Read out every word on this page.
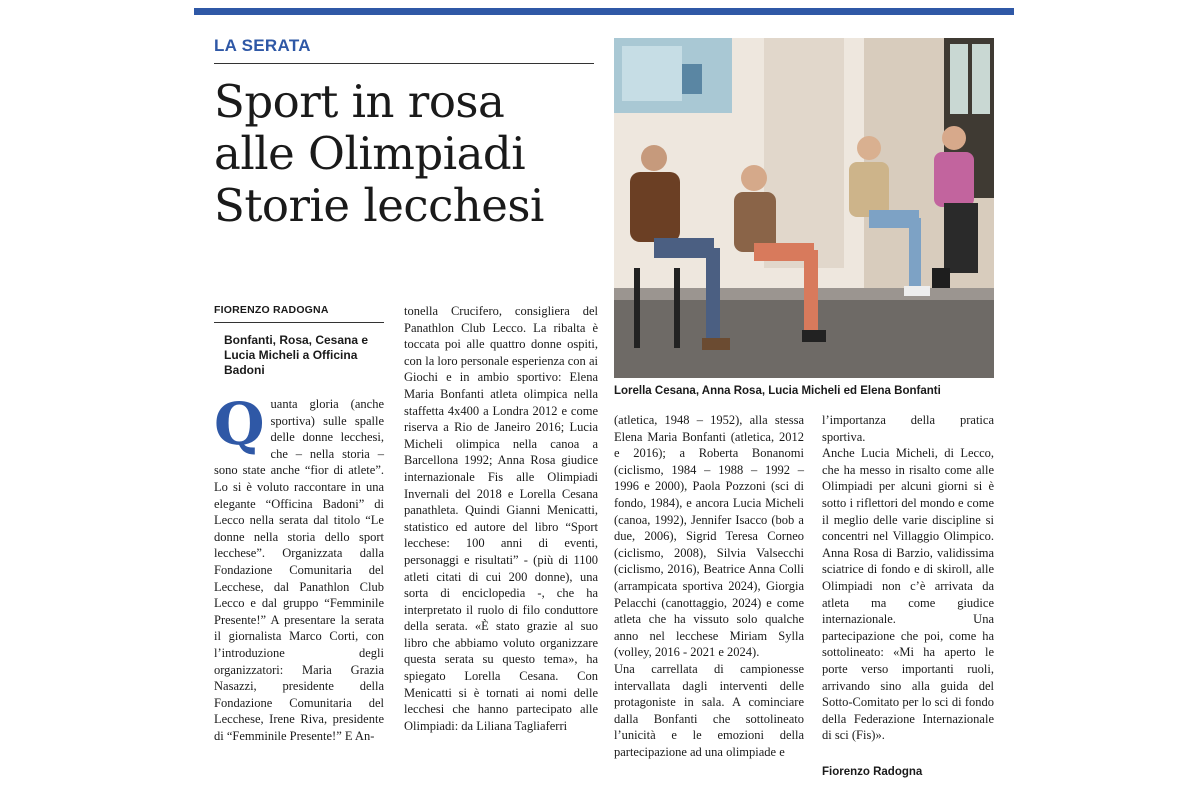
LA SERATA
Sport in rosa
alle Olimpiadi
Storie lecchesi
Lorella Cesana, Anna Rosa, Lucia Micheli ed Elena Bonfanti
FIORENZO RADOGNA
Bonfanti, Rosa, Cesana e Lucia Micheli a Officina Badoni
Q uanta gloria (anche sportiva) sulle spalle delle donne lecchesi, che – nella storia – sono state anche “fior di atlete”. Lo si è voluto raccontare in una elegante “Officina Badoni” di Lecco nella serata dal titolo “Le donne nella storia dello sport lecchese”. Organizzata dalla Fondazione Comunitaria del Lecchese, dal Panathlon Club Lecco e dal gruppo “Femminile Presente!” A presentare la serata il giornalista Marco Corti, con l’introduzione degli organizzatori: Maria Grazia Nasazzi, presidente della Fondazione Comunitaria del Lecchese, Irene Riva, presidente di “Femminile Presente!” E An-

tonella Crucifero, consigliera del Panathlon Club Lecco. La ribalta è toccata poi alle quattro donne ospiti, con la loro personale esperienza con ai Giochi e in ambio sportivo: Elena Maria Bonfanti atleta olimpica nella staffetta 4x400 a Londra 2012 e come riserva a Rio de Janeiro 2016; Lucia Micheli olimpica nella canoa a Barcellona 1992; Anna Rosa giudice internazionale Fis alle Olimpiadi Invernali del 2018 e Lorella Cesana panathleta. Quindi Gianni Menicatti, statistico ed autore del libro “Sport lecchese: 100 anni di eventi, personaggi e risultati” - (più di 1100 atleti citati di cui 200 donne), una sorta di enciclopedia -, che ha interpretato il ruolo di filo conduttore della serata. «È stato grazie al suo libro che abbiamo voluto organizzare questa serata su questo tema», ha spiegato Lorella Cesana. Con Menicatti si è tornati ai nomi delle lecchesi che hanno partecipato alle Olimpiadi: da Liliana Tagliaferri

(atletica, 1948 – 1952), alla stessa Elena Maria Bonfanti (atletica, 2012 e 2016); a Roberta Bonanomi (ciclismo, 1984 – 1988 – 1992 – 1996 e 2000), Paola Pozzoni (sci di fondo, 1984), e ancora Lucia Micheli (canoa, 1992), Jennifer Isacco (bob a due, 2006), Sigrid Teresa Corneo (ciclismo, 2008), Silvia Valsecchi (ciclismo, 2016), Beatrice Anna Colli (arrampicata sportiva 2024), Giorgia Pelacchi (canottaggio, 2024) e come atleta che ha vissuto solo qualche anno nel lecchese Miriam Sylla (volley, 2016 - 2021 e 2024).

Una carrellata di campionesse intervallata dagli interventi delle protagoniste in sala. A cominciare dalla Bonfanti che sottolineato l’unicità e le emozioni della partecipazione ad una olimpiade e

l’importanza della pratica sportiva.

Anche Lucia Micheli, di Lecco, che ha messo in risalto come alle Olimpiadi per alcuni giorni si è sotto i riflettori del mondo e come il meglio delle varie discipline si concentri nel Villaggio Olimpico. Anna Rosa di Barzio, validissima sciatrice di fondo e di skiroll, alle Olimpiadi non c’è arrivata da atleta ma come giudice internazionale. Una partecipazione che poi, come ha sottolineato: «Mi ha aperto le porte verso importanti ruoli, arrivando sino alla guida del Sotto-Comitato per lo sci di fondo della Federazione Internazionale di sci (Fis)».

Fiorenzo Radogna
